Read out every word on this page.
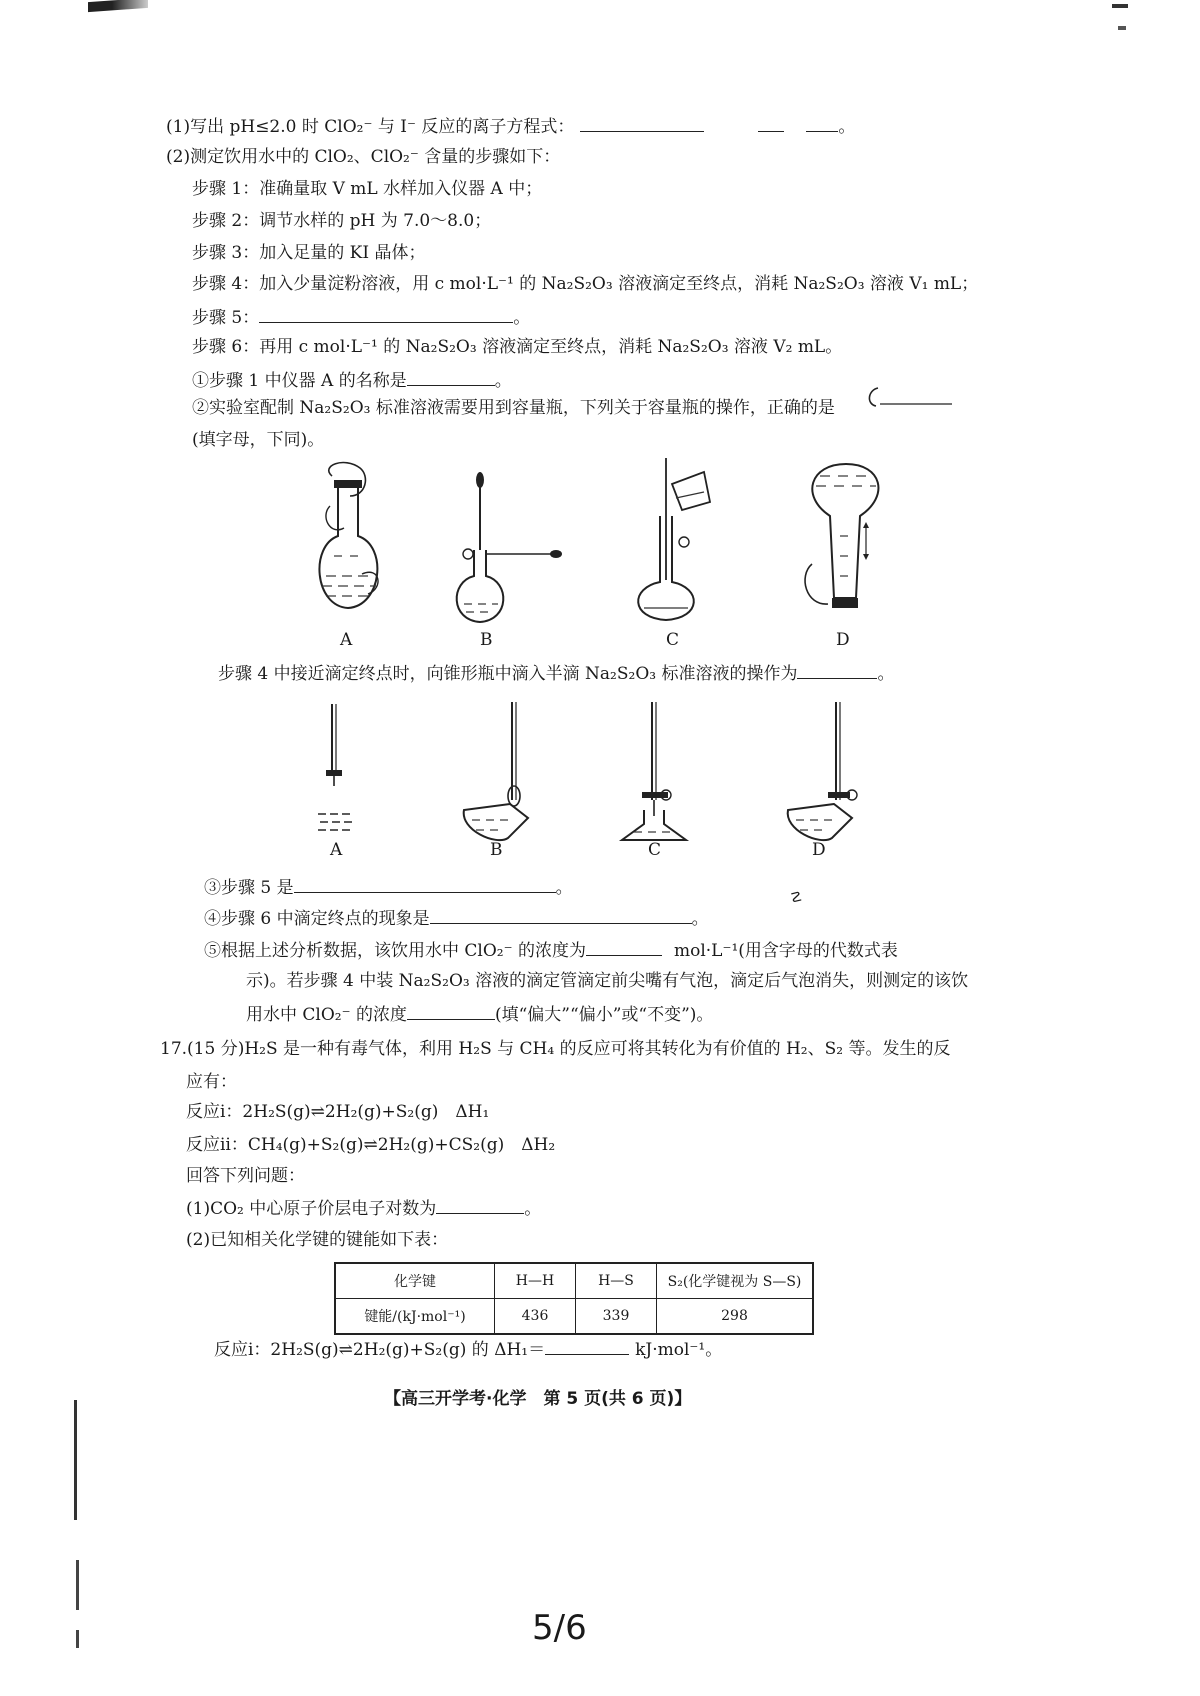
(1)写出 pH≤2.0 时 ClO₂⁻ 与 I⁻ 反应的离子方程式：	。
(2)测定饮用水中的 ClO₂、ClO₂⁻ 含量的步骤如下：
步骤 1：准确量取 V mL 水样加入仪器 A 中；
步骤 2：调节水样的 pH 为 7.0～8.0；
步骤 3：加入足量的 KI 晶体；
步骤 4：加入少量淀粉溶液，用 c mol·L⁻¹ 的 Na₂S₂O₃ 溶液滴定至终点，消耗 Na₂S₂O₃ 溶液 V₁ mL；
步骤 5：	。
步骤 6：再用 c mol·L⁻¹ 的 Na₂S₂O₃ 溶液滴定至终点，消耗 Na₂S₂O₃ 溶液 V₂ mL。
①步骤 1 中仪器 A 的名称是	。
②实验室配制 Na₂S₂O₃ 标准溶液需要用到容量瓶，下列关于容量瓶的操作，正确的是
(填字母，下同)。
A	B	C	D
步骤 4 中接近滴定终点时，向锥形瓶中滴入半滴 Na₂S₂O₃ 标准溶液的操作为	。
A	B	C	D
③步骤 5 是	。	☡
④步骤 6 中滴定终点的现象是	。
⑤根据上述分析数据，该饮用水中 ClO₂⁻ 的浓度为	mol·L⁻¹(用含字母的代数式表
示)。若步骤 4 中装 Na₂S₂O₃ 溶液的滴定管滴定前尖嘴有气泡，滴定后气泡消失，则测定的该饮
用水中 ClO₂⁻ 的浓度	(填“偏大”“偏小”或“不变”)。
17.(15 分)H₂S 是一种有毒气体，利用 H₂S 与 CH₄ 的反应可将其转化为有价值的 H₂、S₂ 等。发生的反
应有：
反应ⅰ：2H₂S(g)⇌2H₂(g)+S₂(g)　ΔH₁
反应ⅱ：CH₄(g)+S₂(g)⇌2H₂(g)+CS₂(g)　ΔH₂
回答下列问题：
(1)CO₂ 中心原子价层电子对数为	。
(2)已知相关化学键的键能如下表：
化学键	H—H	H—S	S₂(化学键视为 S—S)
键能/(kJ·mol⁻¹)	436	339	298
反应ⅰ：2H₂S(g)⇌2H₂(g)+S₂(g) 的 ΔH₁＝	kJ·mol⁻¹。
【高三开学考·化学　第 5 页(共 6 页)】
5/6
